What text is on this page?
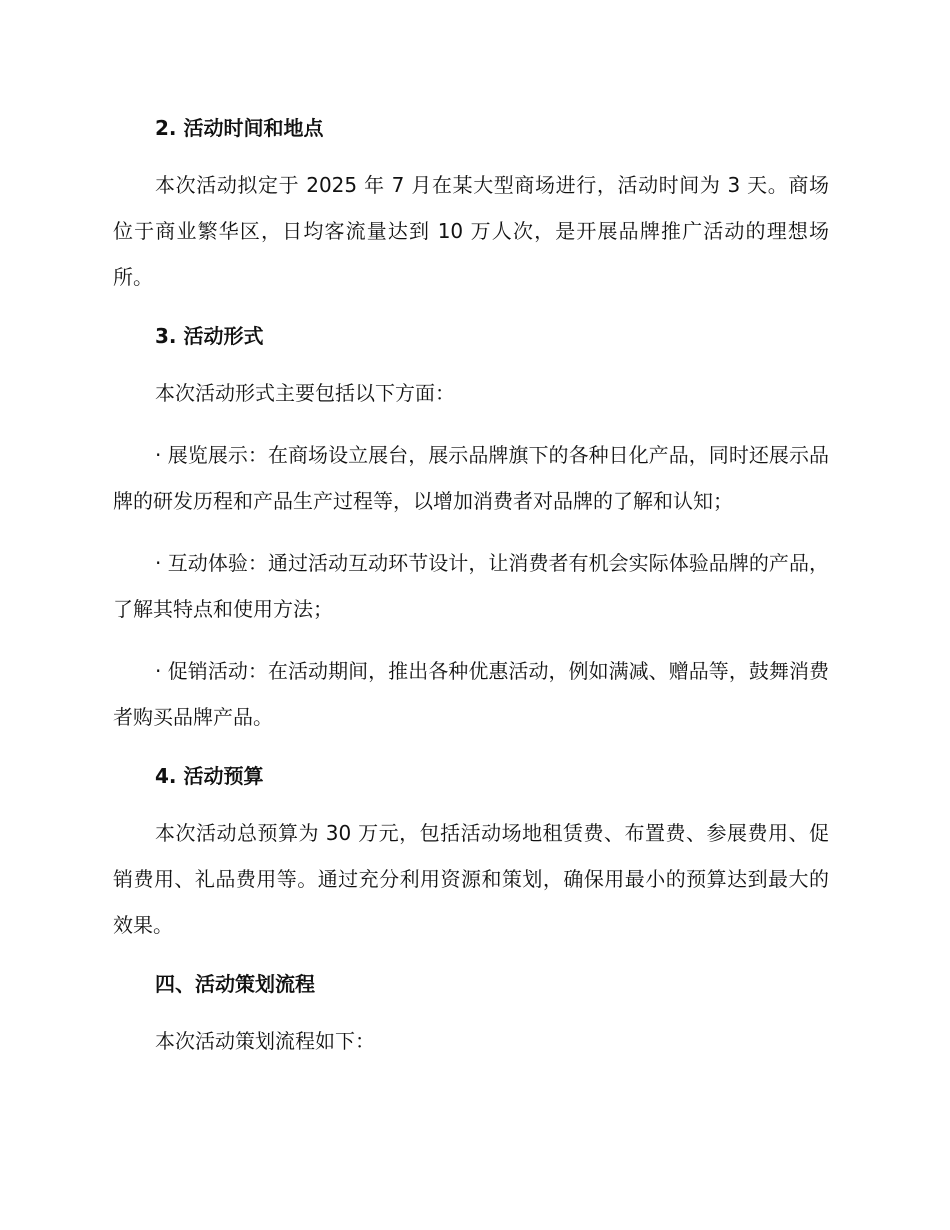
2. 活动时间和地点
本次活动拟定于 2025 年 7 月在某大型商场进行，活动时间为 3 天。商场位于商业繁华区，日均客流量达到 10 万人次，是开展品牌推广活动的理想场所。
3. 活动形式
本次活动形式主要包括以下方面：
· 展览展示：在商场设立展台，展示品牌旗下的各种日化产品，同时还展示品牌的研发历程和产品生产过程等，以增加消费者对品牌的了解和认知；
· 互动体验：通过活动互动环节设计，让消费者有机会实际体验品牌的产品，了解其特点和使用方法；
· 促销活动：在活动期间，推出各种优惠活动，例如满减、赠品等，鼓舞消费者购买品牌产品。
4. 活动预算
本次活动总预算为 30 万元，包括活动场地租赁费、布置费、参展费用、促销费用、礼品费用等。通过充分利用资源和策划，确保用最小的预算达到最大的效果。
四、活动策划流程
本次活动策划流程如下：
